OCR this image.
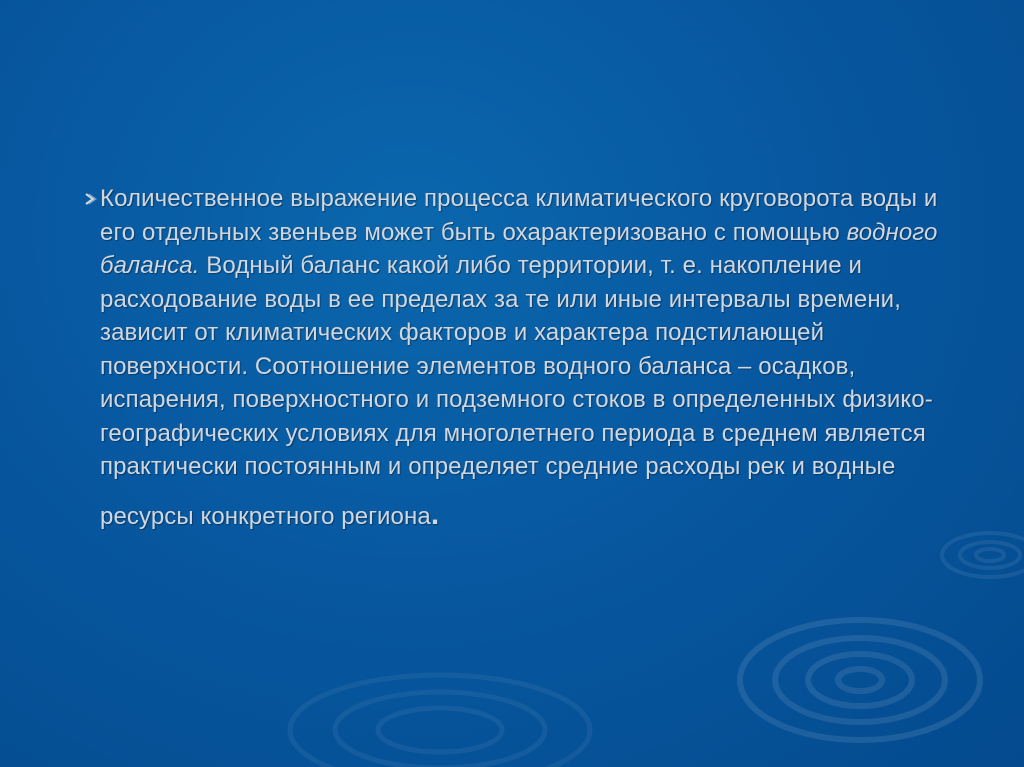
Количественное выражение процесса климатического круговорота воды и его отдельных звеньев может быть охарактеризовано с помощью водного баланса. Водный баланс какой либо территории, т. е. накопление и расходование воды в ее пределах за те или иные интервалы времени, зависит от климатических факторов и характера подстилающей поверхности. Соотношение элементов водного баланса – осадков, испарения, поверхностного и подземного стоков в определенных физико-географических условиях для многолетнего периода в среднем является практически постоянным и определяет средние расходы рек и водные
ресурсы конкретного региона.
